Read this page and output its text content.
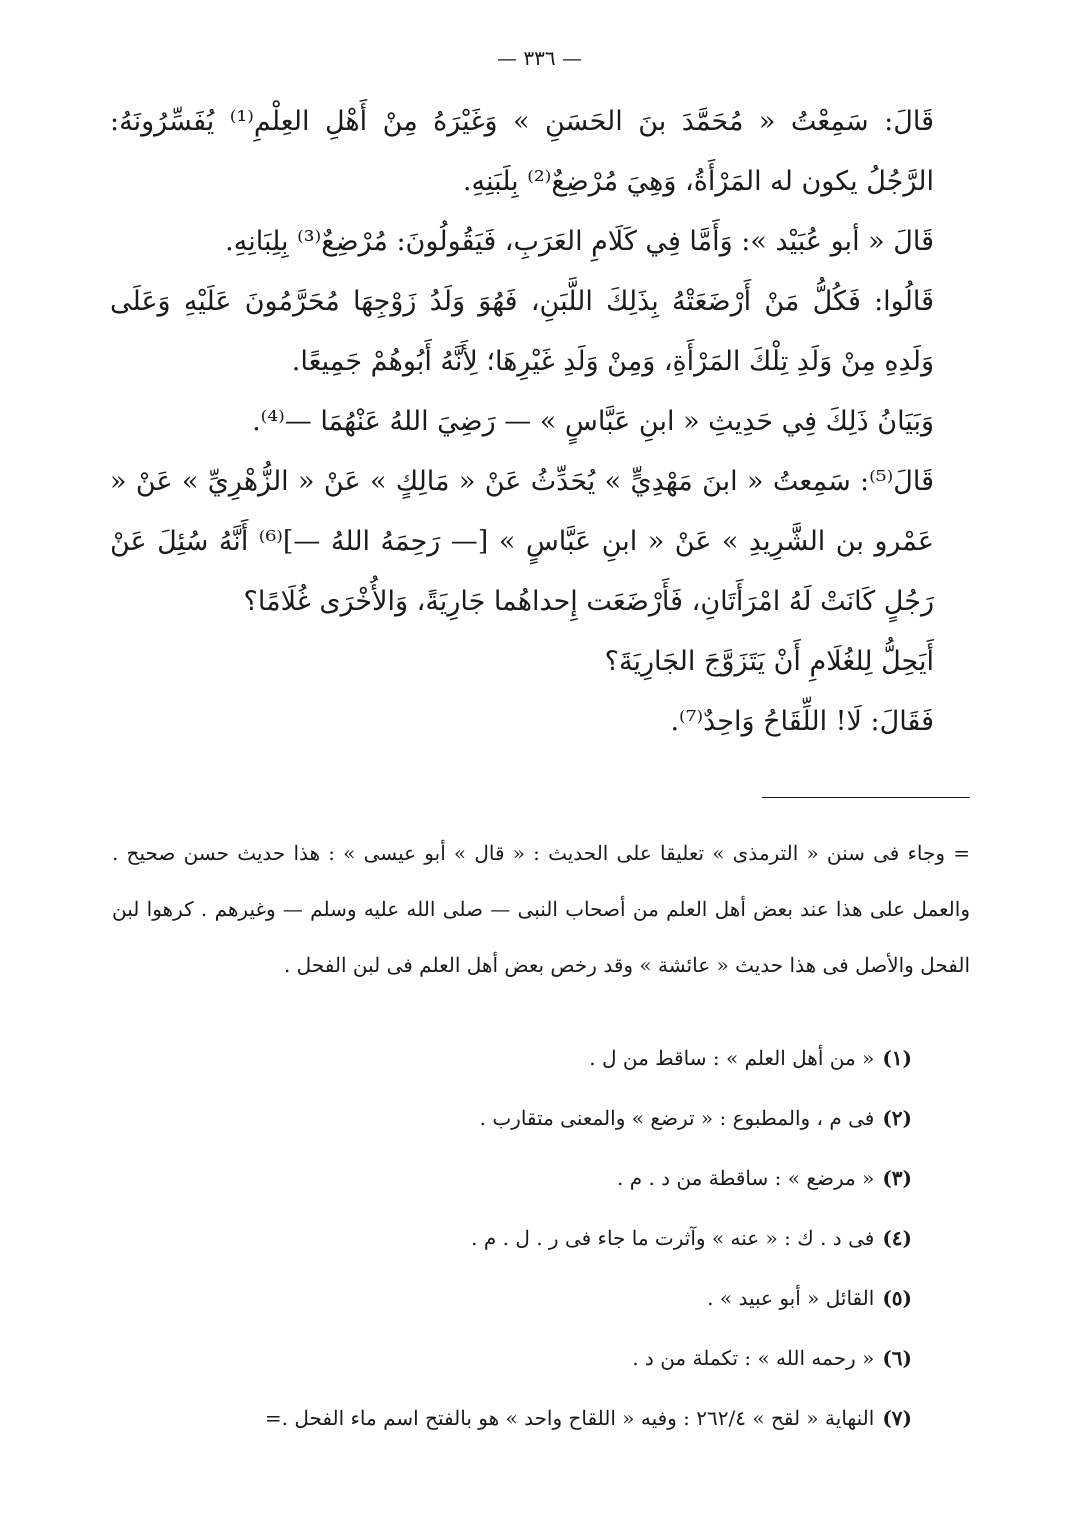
— ٣٣٦ —

قَالَ: سَمِعْتُ « مُحَمَّدَ بنَ الحَسَنِ » وَغَيْرَهُ مِنْ أَهْلِ العِلْمِ⁽¹⁾ يُفَسِّرُونَهُ: الرَّجُلُ يكون له المَرْأَةُ، وَهِيَ مُرْضِعٌ⁽²⁾ بِلَبَنِهِ.

قَالَ « أبو عُبَيْد »: وَأَمَّا فِي كَلَامِ العَرَبِ، فَيَقُولُونَ: مُرْضِعٌ⁽³⁾ بِلِبَانِهِ.

قَالُوا: فَكُلُّ مَنْ أَرْضَعَتْهُ بِذَلِكَ اللَّبَنِ، فَهُوَ وَلَدُ زَوْجِهَا مُحَرَّمُونَ عَلَيْهِ وَعَلَى وَلَدِهِ مِنْ وَلَدِ تِلْكَ المَرْأَةِ، وَمِنْ وَلَدِ غَيْرِهَا؛ لِأَنَّهُ أَبُوهُمْ جَمِيعًا.

وَبَيَانُ ذَلِكَ فِي حَدِيثِ « ابنِ عَبَّاسٍ » — رَضِيَ اللهُ عَنْهُمَا —⁽⁴⁾.

قَالَ⁽⁵⁾: سَمِعتُ « ابنَ مَهْدِيٍّ » يُحَدِّثُ عَنْ « مَالِكٍ » عَنْ « الزُّهْرِيِّ » عَنْ « عَمْرو بن الشَّرِيدِ » عَنْ « ابنِ عَبَّاسٍ » [— رَحِمَهُ اللهُ —]⁽⁶⁾ أَنَّهُ سُئِلَ عَنْ رَجُلٍ كَانَتْ لَهُ امْرَأَتَانِ، فَأَرْضَعَت إِحداهُما جَارِيَةً، وَالأُخْرَى غُلَامًا؟

أَيَحِلُّ لِلغُلَامِ أَنْ يَتَزَوَّجَ الجَارِيَةَ؟

فَقَالَ: لَا! اللِّقَاحُ وَاحِدٌ⁽⁷⁾.

= وجاء فى سنن « الترمذى » تعليقا على الحديث : « قال » أبو عيسى » : هذا حديث حسن صحيح . والعمل على هذا عند بعض أهل العلم من أصحاب النبى — صلى الله عليه وسلم — وغيرهم . كرهوا لبن الفحل والأصل فى هذا حديث « عائشة » وقد رخص بعض أهل العلم فى لبن الفحل .

(١)« من أهل العلم » : ساقط من ل .
(٢)فى م ، والمطبوع : « ترضع » والمعنى متقارب .
(٣)« مرضع » : ساقطة من د . م .
(٤)فى د . ك : « عنه » وآثرت ما جاء فى ر . ل . م .
(٥)القائل « أبو عبيد » .
(٦)« رحمه الله » : تكملة من د .
(٧)النهاية « لقح » ٢٦٢/٤ : وفيه « اللقاح واحد » هو بالفتح اسم ماء الفحل .=
